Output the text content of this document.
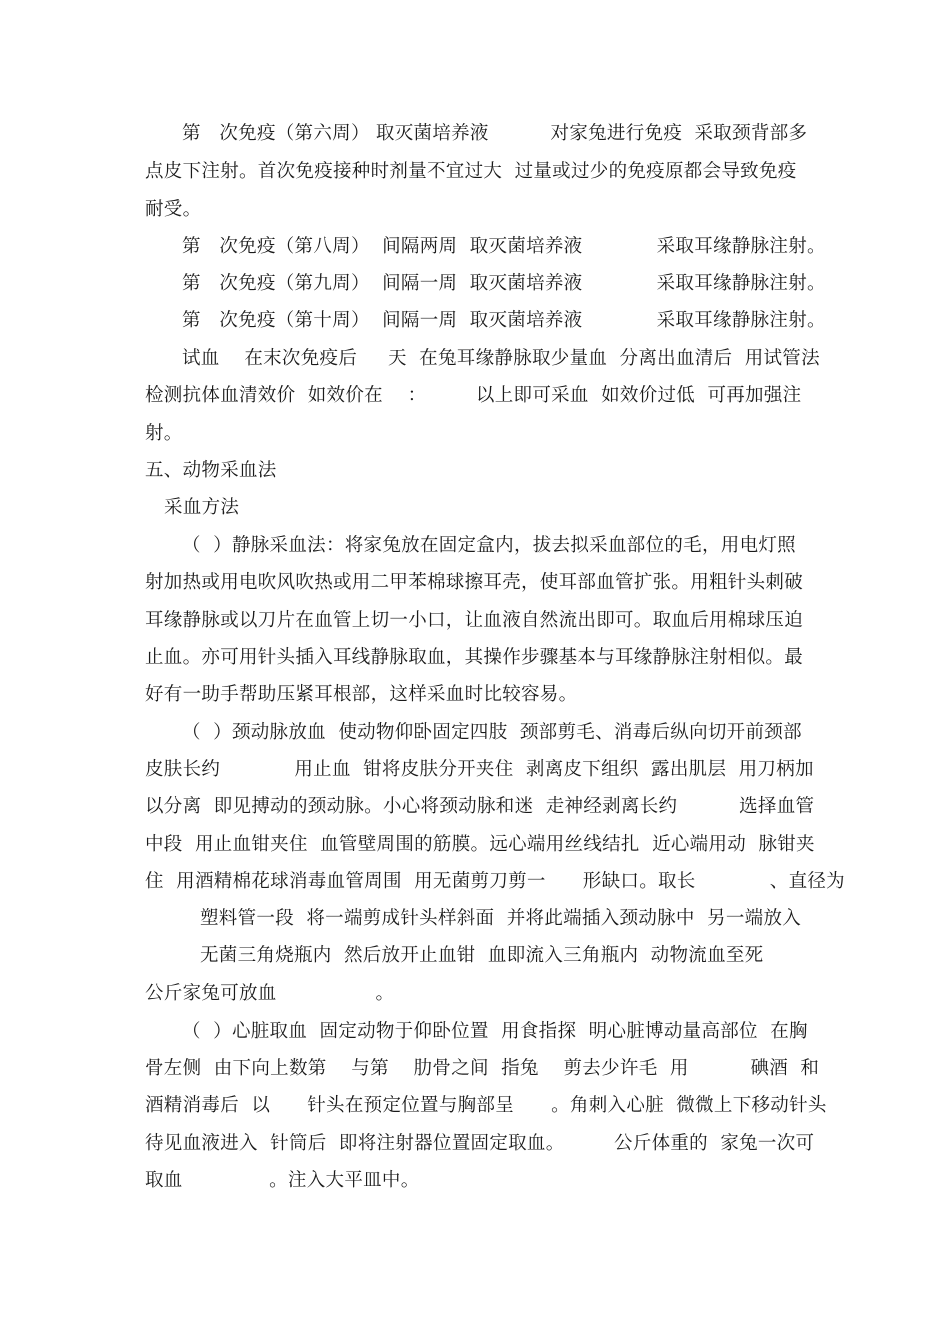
第   次免疫（第六周） 取灭菌培养液          对家兔进行免疫  采取颈背部多
点皮下注射。首次免疫接种时剂量不宜过大  过量或过少的免疫原都会导致免疫
耐受。
第   次免疫（第八周）  间隔两周  取灭菌培养液            采取耳缘静脉注射。
第   次免疫（第九周）  间隔一周  取灭菌培养液            采取耳缘静脉注射。
第   次免疫（第十周）  间隔一周  取灭菌培养液            采取耳缘静脉注射。
试血    在末次免疫后     天  在兔耳缘静脉取少量血  分离出血清后  用试管法
检测抗体血清效价  如效价在    ：        以上即可采血  如效价过低  可再加强注
射。
五、动物采血法
采血方法
（  ）静脉采血法：将家兔放在固定盒内，拔去拟采血部位的毛，用电灯照
射加热或用电吹风吹热或用二甲苯棉球擦耳壳，使耳部血管扩张。用粗针头刺破
耳缘静脉或以刀片在血管上切一小口，让血液自然流出即可。取血后用棉球压迫
止血。亦可用针头插入耳线静脉取血，其操作步骤基本与耳缘静脉注射相似。最
好有一助手帮助压紧耳根部，这样采血时比较容易。
（  ）颈动脉放血  使动物仰卧固定四肢  颈部剪毛、消毒后纵向切开前颈部
皮肤长约            用止血  钳将皮肤分开夹住  剥离皮下组织  露出肌层  用刀柄加
以分离  即见搏动的颈动脉。小心将颈动脉和迷  走神经剥离长约          选择血管
中段  用止血钳夹住  血管壁周围的筋膜。远心端用丝线结扎  近心端用动  脉钳夹
住  用酒精棉花球消毒血管周围  用无菌剪刀剪一      形缺口。取长            、直径为
塑料管一段  将一端剪成针头样斜面  并将此端插入颈动脉中  另一端放入
无菌三角烧瓶内  然后放开止血钳  血即流入三角瓶内  动物流血至死
公斤家兔可放血                。
（  ）心脏取血  固定动物于仰卧位置  用食指探  明心脏博动量高部位  在胸
骨左侧  由下向上数第    与第    肋骨之间  指兔    剪去少许毛  用          碘酒  和
酒精消毒后  以      针头在预定位置与胸部呈      。角刺入心脏  微微上下移动针头
待见血液进入  针筒后  即将注射器位置固定取血。        公斤体重的  家兔一次可
取血              。注入大平皿中。
